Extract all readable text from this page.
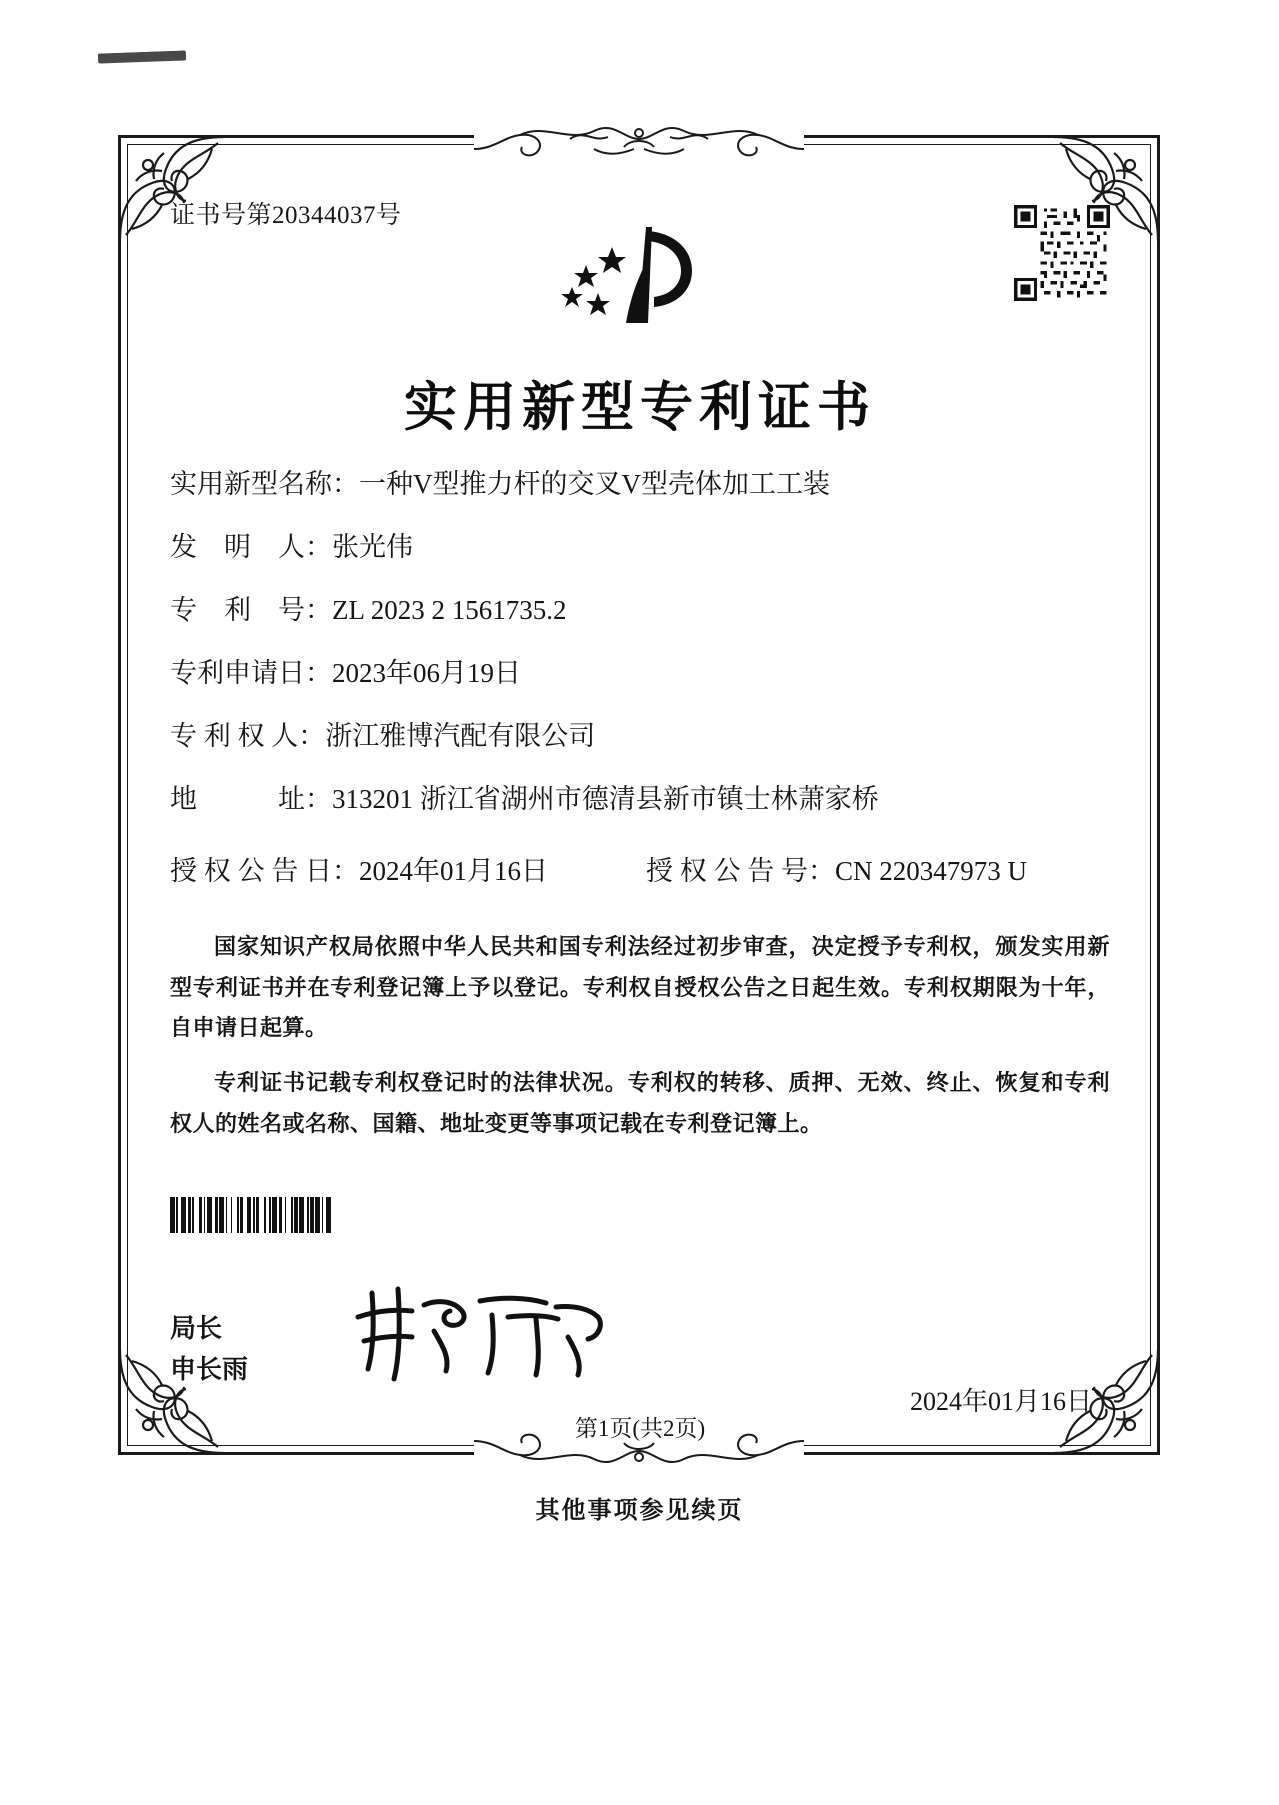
证书号第20344037号
实用新型专利证书
实用新型名称： 一种V型推力杆的交叉V型壳体加工工装
发　明　人： 张光伟
专　利　号： ZL 2023 2 1561735.2
专利申请日： 2023年06月19日
专 利 权 人： 浙江雅博汽配有限公司
地　　　址： 313201 浙江省湖州市德清县新市镇士林萧家桥
授 权 公 告 日：2024年01月16日	授 权 公 告 号：CN 220347973 U

国家知识产权局依照中华人民共和国专利法经过初步审查，决定授予专利权，颁发实用新型专利证书并在专利登记簿上予以登记。专利权自授权公告之日起生效。专利权期限为十年，自申请日起算。

专利证书记载专利权登记时的法律状况。专利权的转移、质押、无效、终止、恢复和专利权人的姓名或名称、国籍、地址变更等事项记载在专利登记簿上。

局长
申长雨
2024年01月16日
第1页(共2页)
其他事项参见续页
